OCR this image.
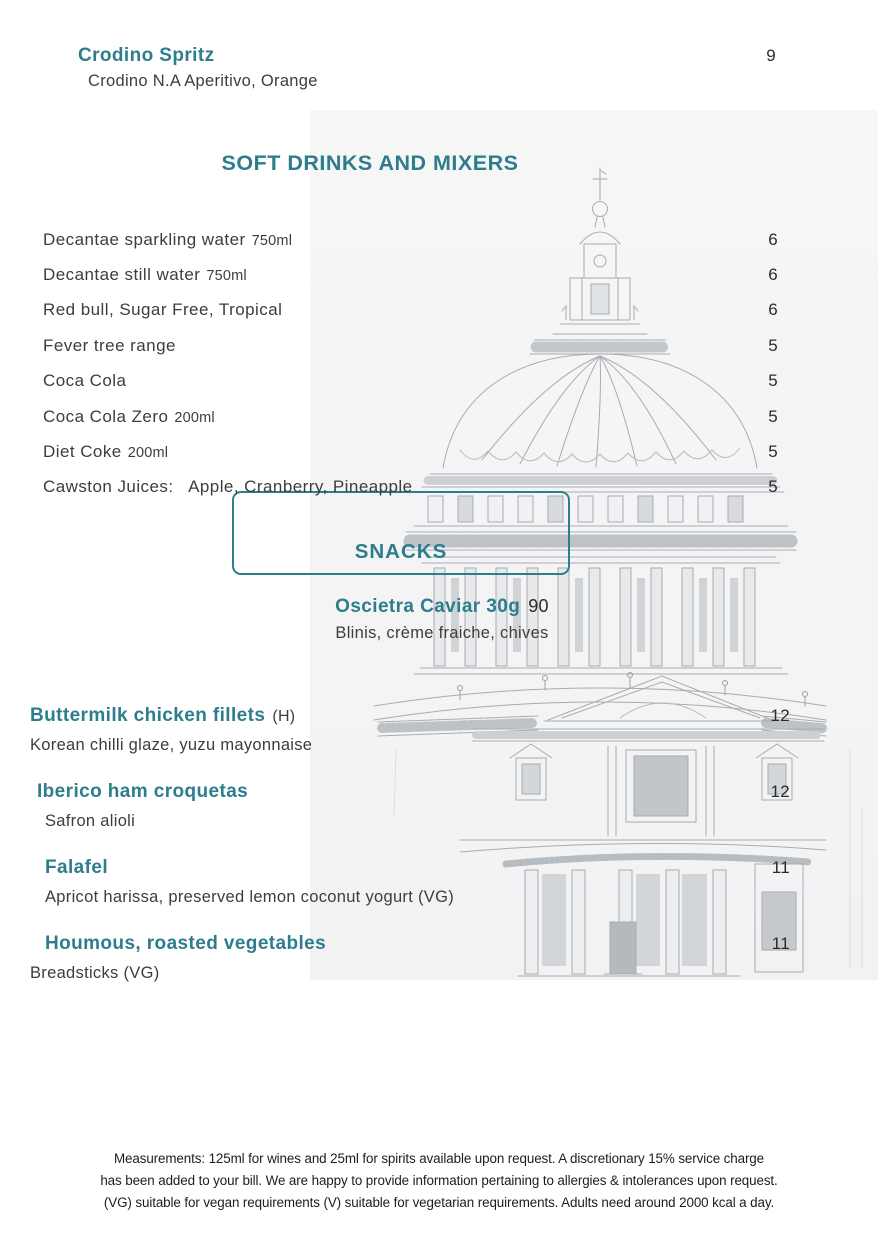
Crodino Spritz	9
Crodino N.A Aperitivo, Orange
SOFT DRINKS AND MIXERS
Decantae sparkling water 750ml	6
Decantae still water 750ml	6
Red bull, Sugar Free, Tropical	6
Fever tree range	5
Coca Cola	5
Coca Cola Zero 200ml	5
Diet Coke 200ml	5
Cawston Juices:   Apple, Cranberry, Pineapple	5
SNACKS
Oscietra Caviar 30g 90
Blinis, crème fraiche, chives
Buttermilk chicken fillets (H)	12
Korean chilli glaze, yuzu mayonnaise
Iberico ham croquetas	12
Safron alioli
Falafel	11
Apricot harissa, preserved lemon coconut yogurt (VG)
Houmous, roasted vegetables	11
Breadsticks (VG)
Measurements: 125ml for wines and 25ml for spirits available upon request. A discretionary 15% service charge
has been added to your bill. We are happy to provide information pertaining to allergies & intolerances upon request.
(VG) suitable for vegan requirements (V) suitable for vegetarian requirements. Adults need around 2000 kcal a day.
